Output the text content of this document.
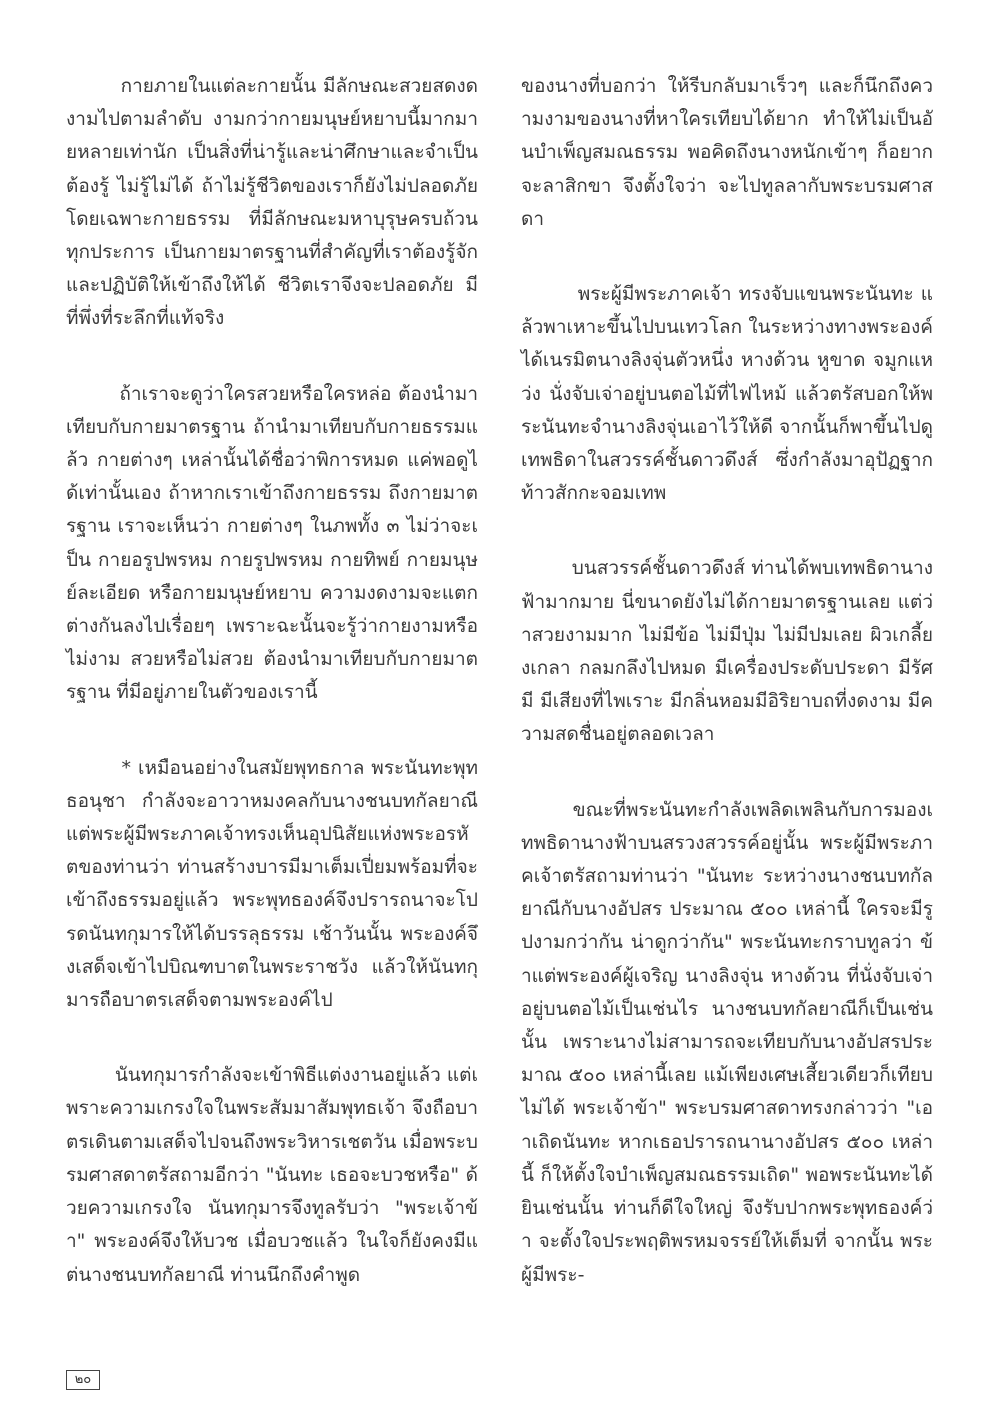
กายภายในแต่ละกายนั้น มีลักษณะสวยสดงดงามไปตามลำดับ งามกว่ากายมนุษย์หยาบนี้มากมายหลายเท่านัก เป็นสิ่งที่น่ารู้และน่าศึกษาและจำเป็นต้องรู้ ไม่รู้ไม่ได้ ถ้าไม่รู้ชีวิตของเราก็ยังไม่ปลอดภัย โดยเฉพาะกายธรรม ที่มีลักษณะมหาบุรุษครบถ้วนทุกประการ เป็นกายมาตรฐานที่สำคัญที่เราต้องรู้จักและปฏิบัติให้เข้าถึงให้ได้ ชีวิตเราจึงจะปลอดภัย มีที่พึ่งที่ระลึกที่แท้จริง

ถ้าเราจะดูว่าใครสวยหรือใครหล่อ ต้องนำมาเทียบกับกายมาตรฐาน ถ้านำมาเทียบกับกายธรรมแล้ว กายต่างๆ เหล่านั้นได้ชื่อว่าพิการหมด แค่พอดูได้เท่านั้นเอง ถ้าหากเราเข้าถึงกายธรรม ถึงกายมาตรฐาน เราจะเห็นว่า กายต่างๆ ในภพทั้ง ๓ ไม่ว่าจะเป็น กายอรูปพรหม กายรูปพรหม กายทิพย์ กายมนุษย์ละเอียด หรือกายมนุษย์หยาบ ความงดงามจะแตกต่างกันลงไปเรื่อยๆ เพราะฉะนั้นจะรู้ว่ากายงามหรือไม่งาม สวยหรือไม่สวย ต้องนำมาเทียบกับกายมาตรฐาน ที่มีอยู่ภายในตัวของเรานี้

* เหมือนอย่างในสมัยพุทธกาล พระนันทะพุทธอนุชา กำลังจะอาวาหมงคลกับนางชนบทกัลยาณี แต่พระผู้มีพระภาคเจ้าทรงเห็นอุปนิสัยแห่งพระอรหัตของท่านว่า ท่านสร้างบารมีมาเต็มเปี่ยมพร้อมที่จะเข้าถึงธรรมอยู่แล้ว พระพุทธองค์จึงปรารถนาจะโปรดนันทกุมารให้ได้บรรลุธรรม เช้าวันนั้น พระองค์จึงเสด็จเข้าไปบิณฑบาตในพระราชวัง แล้วให้นันทกุมารถือบาตรเสด็จตามพระองค์ไป

นันทกุมารกำลังจะเข้าพิธีแต่งงานอยู่แล้ว แต่เพราะความเกรงใจในพระสัมมาสัมพุทธเจ้า จึงถือบาตรเดินตามเสด็จไปจนถึงพระวิหารเชตวัน เมื่อพระบรมศาสดาตรัสถามอีกว่า "นันทะ เธอจะบวชหรือ" ด้วยความเกรงใจ นันทกุมารจึงทูลรับว่า "พระเจ้าข้า" พระองค์จึงให้บวช เมื่อบวชแล้ว ในใจก็ยังคงมีแต่นางชนบทกัลยาณี ท่านนึกถึงคำพูด

ของนางที่บอกว่า ให้รีบกลับมาเร็วๆ และก็นึกถึงความงามของนางที่หาใครเทียบได้ยาก ทำให้ไม่เป็นอันบำเพ็ญสมณธรรม พอคิดถึงนางหนักเข้าๆ ก็อยากจะลาสิกขา จึงตั้งใจว่า จะไปทูลลากับพระบรมศาสดา

พระผู้มีพระภาคเจ้า ทรงจับแขนพระนันทะ แล้วพาเหาะขึ้นไปบนเทวโลก ในระหว่างทางพระองค์ได้เนรมิตนางลิงจุ่นตัวหนึ่ง หางด้วน หูขาด จมูกแหว่ง นั่งจับเจ่าอยู่บนตอไม้ที่ไฟไหม้ แล้วตรัสบอกให้พระนันทะจำนางลิงจุ่นเอาไว้ให้ดี จากนั้นก็พาขึ้นไปดูเทพธิดาในสวรรค์ชั้นดาวดึงส์ ซึ่งกำลังมาอุปัฏฐากท้าวสักกะจอมเทพ

บนสวรรค์ชั้นดาวดึงส์ ท่านได้พบเทพธิดานางฟ้ามากมาย นี่ขนาดยังไม่ได้กายมาตรฐานเลย แต่ว่าสวยงามมาก ไม่มีข้อ ไม่มีปุ่ม ไม่มีปมเลย ผิวเกลี้ยงเกลา กลมกลึงไปหมด มีเครื่องประดับประดา มีรัศมี มีเสียงที่ไพเราะ มีกลิ่นหอมมีอิริยาบถที่งดงาม มีความสดชื่นอยู่ตลอดเวลา

ขณะที่พระนันทะกำลังเพลิดเพลินกับการมองเทพธิดานางฟ้าบนสรวงสวรรค์อยู่นั้น พระผู้มีพระภาคเจ้าตรัสถามท่านว่า "นันทะ ระหว่างนางชนบทกัลยาณีกับนางอัปสร ประมาณ ๕๐๐ เหล่านี้ ใครจะมีรูปงามกว่ากัน น่าดูกว่ากัน" พระนันทะกราบทูลว่า ข้าแต่พระองค์ผู้เจริญ นางลิงจุ่น หางด้วน ที่นั่งจับเจ่าอยู่บนตอไม้เป็นเช่นไร นางชนบทกัลยาณีก็เป็นเช่นนั้น เพราะนางไม่สามารถจะเทียบกับนางอัปสรประมาณ ๕๐๐ เหล่านี้เลย แม้เพียงเศษเสี้ยวเดียวก็เทียบไม่ได้ พระเจ้าข้า" พระบรมศาสดาทรงกล่าวว่า "เอาเถิดนันทะ หากเธอปรารถนานางอัปสร ๕๐๐ เหล่านี้ ก็ให้ตั้งใจบำเพ็ญสมณธรรมเถิด" พอพระนันทะได้ยินเช่นนั้น ท่านก็ดีใจใหญ่ จึงรับปากพระพุทธองค์ว่า จะตั้งใจประพฤติพรหมจรรย์ให้เต็มที่ จากนั้น พระผู้มีพระ-

๒๐
